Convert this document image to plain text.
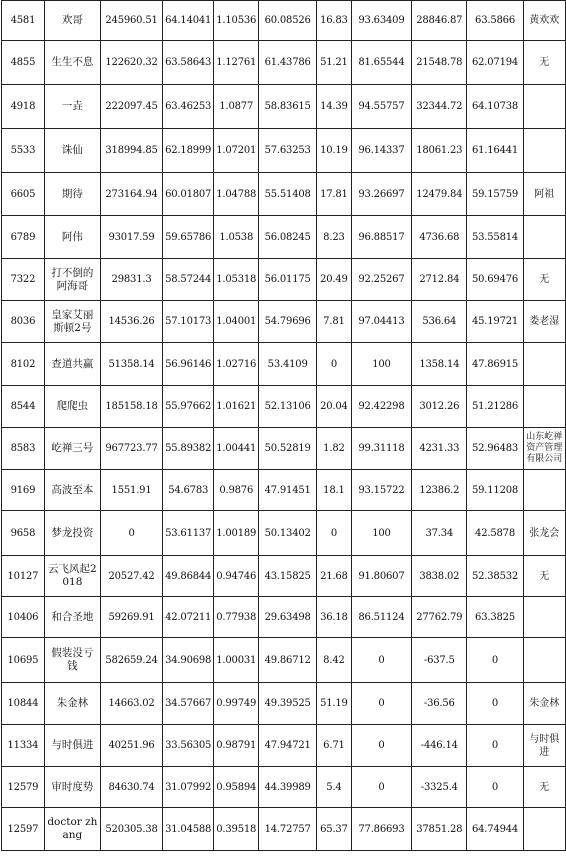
4581	欢哥	245960.51	64.14041	1.10536	60.08526	16.83	93.63409	28846.87	63.5866	黄欢欢
4855	生生不息	122620.32	63.58643	1.12761	61.43786	51.21	81.65544	21548.78	62.07194	无
4918	一垚	222097.45	63.46253	1.0877	58.83615	14.39	94.55757	32344.72	64.10738	
5533	诛仙	318994.85	62.18999	1.07201	57.63253	10.19	96.14337	18061.23	61.16441	
6605	期待	273164.94	60.01807	1.04788	55.51408	17.81	93.26697	12479.84	59.15759	阿祖
6789	阿伟	93017.59	59.65786	1.0538	56.08245	8.23	96.88517	4736.68	53.55814	
7322	打不倒的阿海哥	29831.3	58.57244	1.05318	56.01175	20.49	92.25267	2712.84	50.69476	无
8036	皇家艾丽斯顿2号	14536.26	57.10173	1.04001	54.79696	7.81	97.04413	536.64	45.19721	娄老湿
8102	查道共赢	51358.14	56.96146	1.02716	53.4109	0	100	1358.14	47.86915	
8544	爬爬虫	185158.18	55.97662	1.01621	52.13106	20.04	92.42298	3012.26	51.21286	
8583	屹禅三号	967723.77	55.89382	1.00441	50.52819	1.82	99.31118	4231.33	52.96483	山东屹禅资产管理有限公司
9169	高波至本	1551.91	54.6783	0.9876	47.91451	18.1	93.15722	12386.2	59.11208	
9658	梦龙投资	0	53.61137	1.00189	50.13402	0	100	37.34	42.5878	张龙会
10127	云飞风起2018	20527.42	49.86844	0.94746	43.15825	21.68	91.80607	3838.02	52.38532	无
10406	和合圣地	59269.91	42.07211	0.77938	29.63498	36.18	86.51124	27762.79	63.3825	
10695	假装没亏钱	582659.24	34.90698	1.00031	49.86712	8.42	0	-637.5	0	
10844	朱金林	14663.02	34.57667	0.99749	49.39525	51.19	0	-36.56	0	朱金林
11334	与时俱进	40251.96	33.56305	0.98791	47.94721	6.71	0	-446.14	0	与时俱进
12579	审时度势	84630.74	31.07992	0.95894	44.39989	5.4	0	-3325.4	0	无
12597	doctor zhang	520305.38	31.04588	0.39518	14.72757	65.37	77.86693	37851.28	64.74944	
